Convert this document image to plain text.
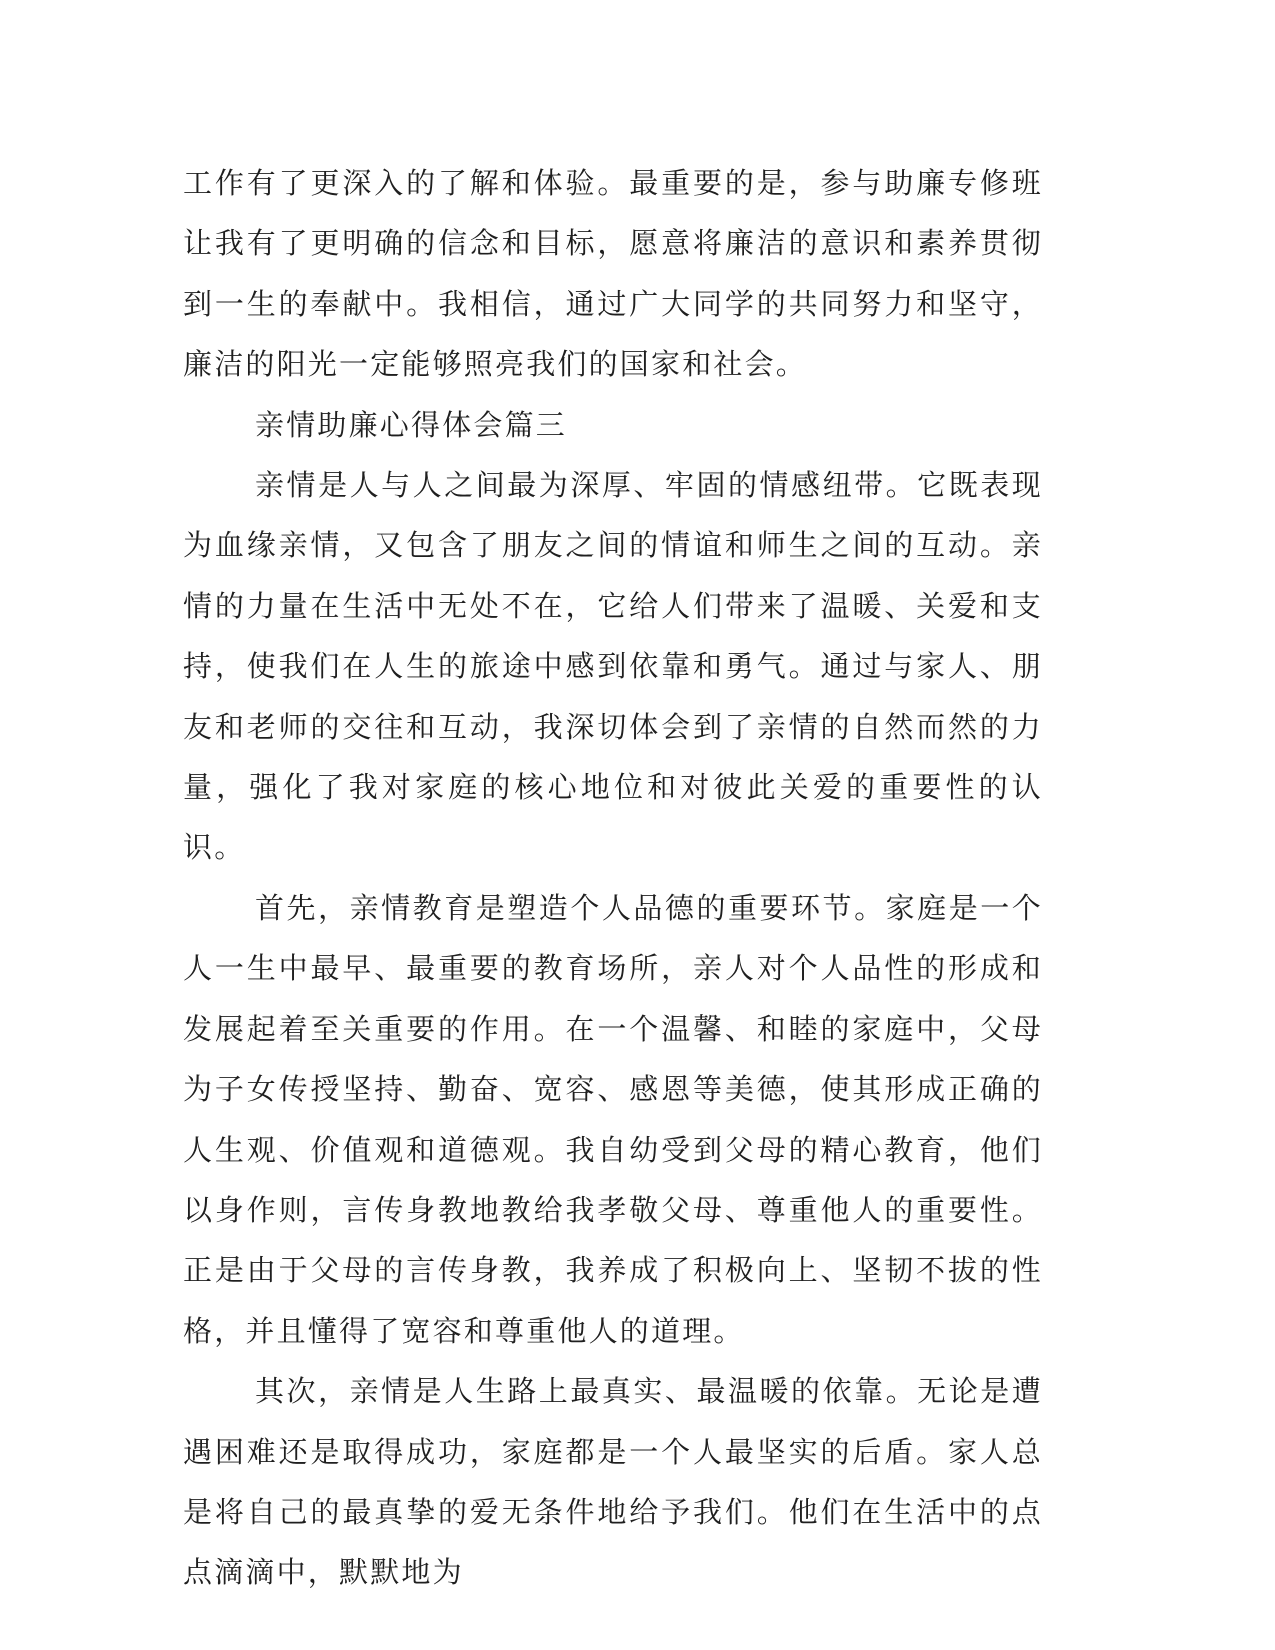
工作有了更深入的了解和体验。最重要的是，参与助廉专修班让我有了更明确的信念和目标，愿意将廉洁的意识和素养贯彻到一生的奉献中。我相信，通过广大同学的共同努力和坚守，廉洁的阳光一定能够照亮我们的国家和社会。

亲情助廉心得体会篇三

亲情是人与人之间最为深厚、牢固的情感纽带。它既表现为血缘亲情，又包含了朋友之间的情谊和师生之间的互动。亲情的力量在生活中无处不在，它给人们带来了温暖、关爱和支持，使我们在人生的旅途中感到依靠和勇气。通过与家人、朋友和老师的交往和互动，我深切体会到了亲情的自然而然的力量，强化了我对家庭的核心地位和对彼此关爱的重要性的认识。

首先，亲情教育是塑造个人品德的重要环节。家庭是一个人一生中最早、最重要的教育场所，亲人对个人品性的形成和发展起着至关重要的作用。在一个温馨、和睦的家庭中，父母为子女传授坚持、勤奋、宽容、感恩等美德，使其形成正确的人生观、价值观和道德观。我自幼受到父母的精心教育，他们以身作则，言传身教地教给我孝敬父母、尊重他人的重要性。正是由于父母的言传身教，我养成了积极向上、坚韧不拔的性格，并且懂得了宽容和尊重他人的道理。

其次，亲情是人生路上最真实、最温暖的依靠。无论是遭遇困难还是取得成功，家庭都是一个人最坚实的后盾。家人总是将自己的最真挚的爱无条件地给予我们。他们在生活中的点点滴滴中，默默地为
